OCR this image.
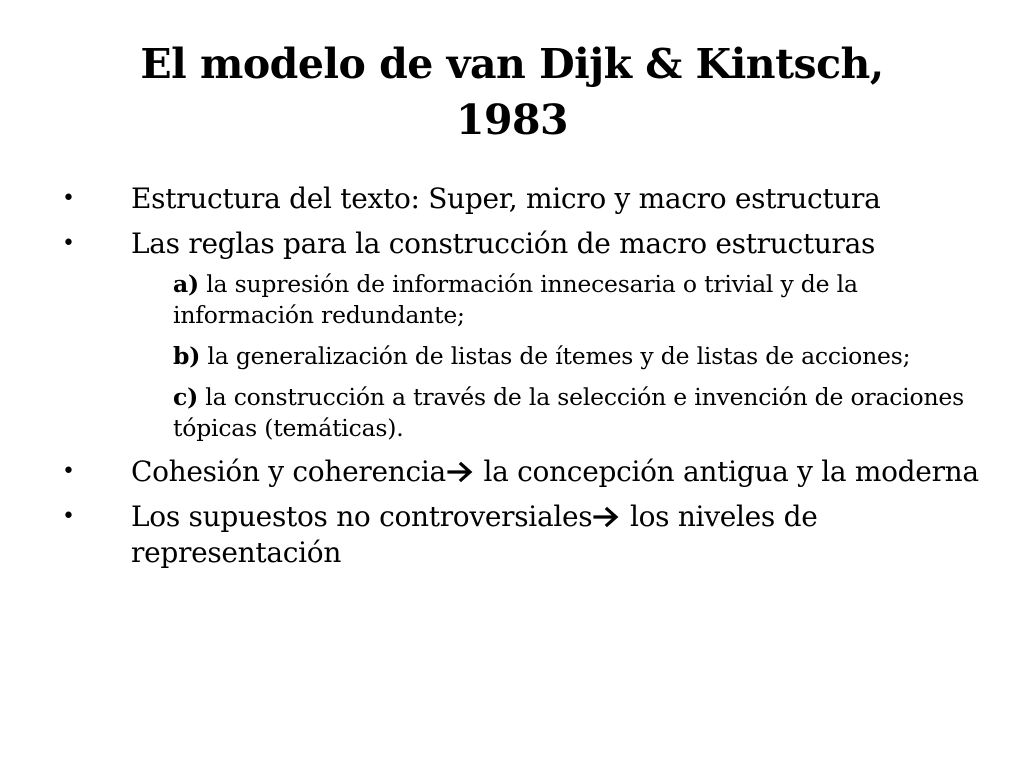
El modelo de van Dijk & Kintsch,
1983
• Estructura del texto: Super, micro y macro estructura
• Las reglas para la construcción de macro estructuras
a) la supresión de información innecesaria o trivial y de la información redundante;
b) la generalización de listas de ítemes y de listas de acciones;
c) la construcción a través de la selección e invención de oraciones tópicas (temáticas).
• Cohesión y coherencia la concepción antigua y la moderna
• Los supuestos no controversiales los niveles de representación
